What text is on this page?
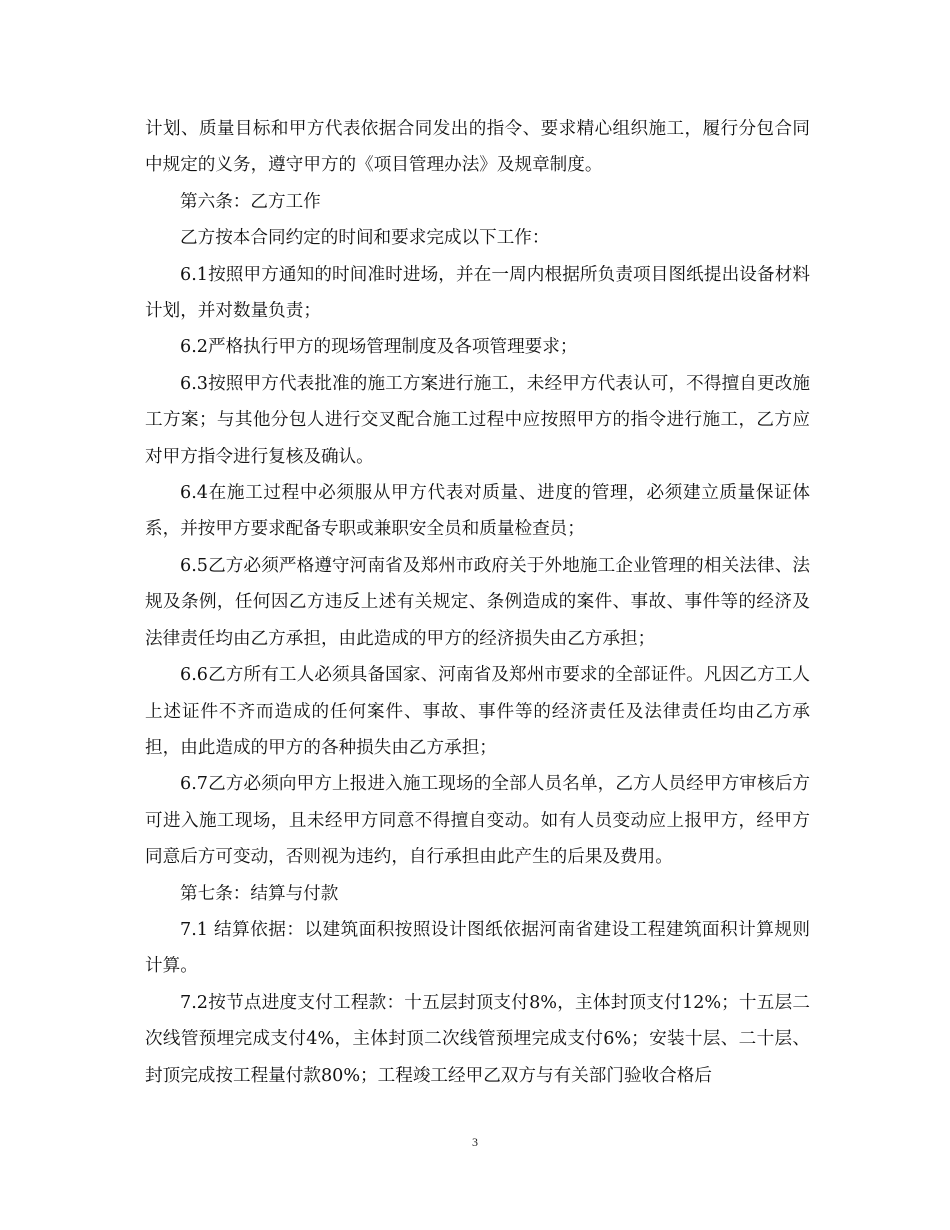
计划、质量目标和甲方代表依据合同发出的指令、要求精心组织施工，履行分包合同中规定的义务，遵守甲方的《项目管理办法》及规章制度。

第六条：乙方工作

乙方按本合同约定的时间和要求完成以下工作：

6.1按照甲方通知的时间准时进场，并在一周内根据所负责项目图纸提出设备材料计划，并对数量负责；

6.2严格执行甲方的现场管理制度及各项管理要求；

6.3按照甲方代表批准的施工方案进行施工，未经甲方代表认可，不得擅自更改施工方案；与其他分包人进行交叉配合施工过程中应按照甲方的指令进行施工，乙方应对甲方指令进行复核及确认。

6.4在施工过程中必须服从甲方代表对质量、进度的管理，必须建立质量保证体系，并按甲方要求配备专职或兼职安全员和质量检查员；

6.5乙方必须严格遵守河南省及郑州市政府关于外地施工企业管理的相关法律、法规及条例，任何因乙方违反上述有关规定、条例造成的案件、事故、事件等的经济及法律责任均由乙方承担，由此造成的甲方的经济损失由乙方承担；

6.6乙方所有工人必须具备国家、河南省及郑州市要求的全部证件。凡因乙方工人上述证件不齐而造成的任何案件、事故、事件等的经济责任及法律责任均由乙方承担，由此造成的甲方的各种损失由乙方承担；

6.7乙方必须向甲方上报进入施工现场的全部人员名单，乙方人员经甲方审核后方可进入施工现场，且未经甲方同意不得擅自变动。如有人员变动应上报甲方，经甲方同意后方可变动，否则视为违约，自行承担由此产生的后果及费用。

第七条：结算与付款

7.1 结算依据：以建筑面积按照设计图纸依据河南省建设工程建筑面积计算规则计算。

7.2按节点进度支付工程款：十五层封顶支付8%，主体封顶支付12%；十五层二次线管预埋完成支付4%，主体封顶二次线管预埋完成支付6%；安装十层、二十层、封顶完成按工程量付款80%；工程竣工经甲乙双方与有关部门验收合格后

3
